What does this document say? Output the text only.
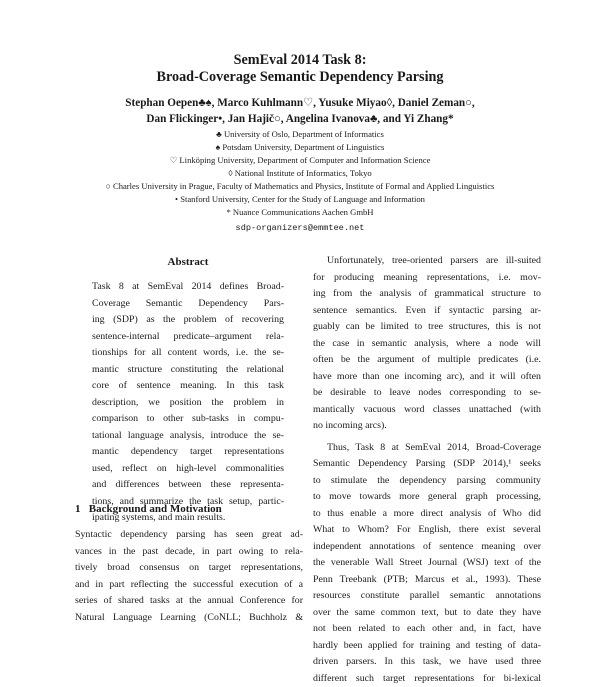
SemEval 2014 Task 8:
Broad-Coverage Semantic Dependency Parsing
Stephan Oepen♣♠, Marco Kuhlmann♡, Yusuke Miyao◊, Daniel Zeman○,
Dan Flickinger•, Jan Hajič○, Angelina Ivanova♣, and Yi Zhang*
♣ University of Oslo, Department of Informatics
♠ Potsdam University, Department of Linguistics
♡ Linköping University, Department of Computer and Information Science
◊ National Institute of Informatics, Tokyo
○ Charles University in Prague, Faculty of Mathematics and Physics, Institute of Formal and Applied Linguistics
• Stanford University, Center for the Study of Language and Information
* Nuance Communications Aachen GmbH
sdp-organizers@emmtee.net
Abstract
Task 8 at SemEval 2014 defines Broad-
Coverage Semantic Dependency Pars-
ing (SDP) as the problem of recovering
sentence-internal predicate–argument rela-
tionships for all content words, i.e. the se-
mantic structure constituting the relational
core of sentence meaning. In this task
description, we position the problem in
comparison to other sub-tasks in compu-
tational language analysis, introduce the se-
mantic dependency target representations
used, reflect on high-level commonalities
and differences between these representa-
tions, and summarize the task setup, partic-
ipating systems, and main results.
1   Background and Motivation
Syntactic dependency parsing has seen great ad-
vances in the past decade, in part owing to rela-
tively broad consensus on target representations,
and in part reflecting the successful execution of a
series of shared tasks at the annual Conference for
Natural Language Learning (CoNLL; Buchholz &
Unfortunately, tree-oriented parsers are ill-suited
for producing meaning representations, i.e. mov-
ing from the analysis of grammatical structure to
sentence semantics. Even if syntactic parsing ar-
guably can be limited to tree structures, this is not
the case in semantic analysis, where a node will
often be the argument of multiple predicates (i.e.
have more than one incoming arc), and it will often
be desirable to leave nodes corresponding to se-
mantically vacuous word classes unattached (with
no incoming arcs).
Thus, Task 8 at SemEval 2014, Broad-Coverage
Semantic Dependency Parsing (SDP 2014),¹ seeks
to stimulate the dependency parsing community
to move towards more general graph processing,
to thus enable a more direct analysis of Who did
What to Whom? For English, there exist several
independent annotations of sentence meaning over
the venerable Wall Street Journal (WSJ) text of the
Penn Treebank (PTB; Marcus et al., 1993). These
resources constitute parallel semantic annotations
over the same common text, but to date they have
not been related to each other and, in fact, have
hardly been applied for training and testing of data-
driven parsers. In this task, we have used three
different such target representations for bi-lexical
